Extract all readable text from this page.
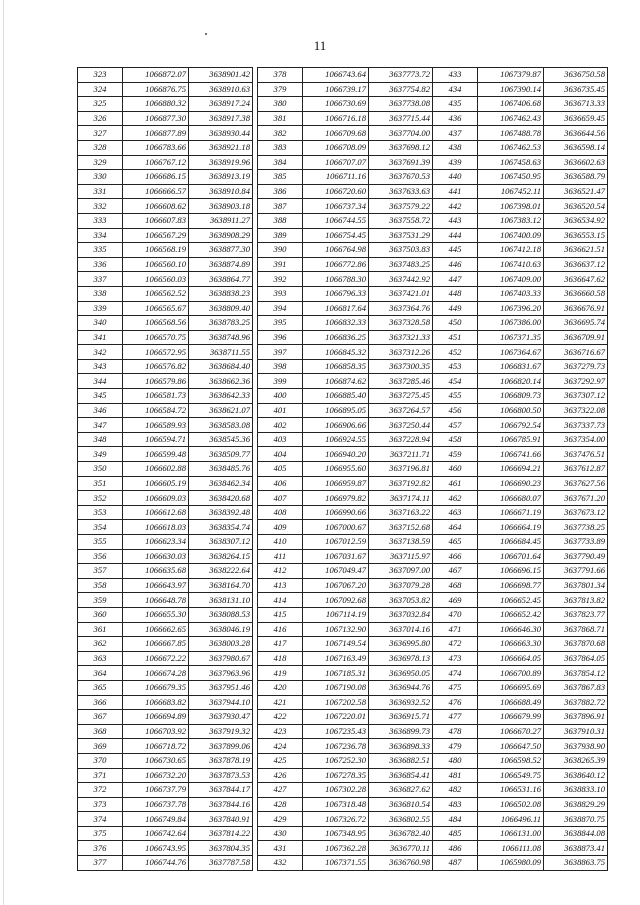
11
323	1066872.07	3638901.42
324	1066876.75	3638910.63
325	1066880.32	3638917.24
326	1066877.30	3638917.38
327	1066877.89	3638930.44
328	1066783.66	3638921.18
329	1066767.12	3638919.96
330	1066686.15	3638913.19
331	1066666.57	3638910.84
332	1066608.62	3638903.18
333	1066607.83	3638911.27
334	1066567.29	3638908.29
335	1066568.19	3638877.30
336	1066560.10	3638874.89
337	1066560.03	3638864.77
338	1066562.52	3638838.23
339	1066565.67	3638809.40
340	1066568.56	3638783.25
341	1066570.75	3638748.96
342	1066572.95	3638711.55
343	1066576.82	3638684.40
344	1066579.86	3638662.36
345	1066581.73	3638642.33
346	1066584.72	3638621.07
347	1066589.93	3638583.08
348	1066594.71	3638545.36
349	1066599.48	3638509.77
350	1066602.88	3638485.76
351	1066605.19	3638462.34
352	1066609.03	3638420.68
353	1066612.68	3638392.48
354	1066618.03	3638354.74
355	1066623.34	3638307.12
356	1066630.03	3638264.15
357	1066635.68	3638222.64
358	1066643.97	3638164.70
359	1066648.78	3638131.10
360	1066655.30	3638088.53
361	1066662.65	3638046.19
362	1066667.85	3638003.28
363	1066672.22	3637980.67
364	1066674.28	3637963.96
365	1066679.35	3637951.46
366	1066683.82	3637944.10
367	1066694.89	3637930.47
368	1066703.92	3637919.32
369	1066718.72	3637899.06
370	1066730.65	3637878.19
371	1066732.20	3637873.53
372	1066737.79	3637844.17
373	1066737.78	3637844.16
374	1066749.84	3637840.91
375	1066742.64	3637814.22
376	1066743.95	3637804.35
377	1066744.76	3637787.58
378	1066743.64	3637773.72
379	1066739.17	3637754.82
380	1066730.69	3637738.08
381	1066716.18	3637715.44
382	1066709.68	3637704.00
383	1066708.09	3637698.12
384	1066707.07	3637691.39
385	1066711.16	3637670.53
386	1066720.60	3637633.63
387	1066737.34	3637579.22
388	1066744.55	3637558.72
389	1066754.45	3637531.29
390	1066764.98	3637503.83
391	1066772.86	3637483.25
392	1066788.30	3637442.92
393	1066796.33	3637421.01
394	1066817.64	3637364.76
395	1066832.33	3637328.58
396	1066836.25	3637321.33
397	1066845.32	3637312.26
398	1066858.35	3637300.35
399	1066874.62	3637285.46
400	1066885.40	3637275.45
401	1066895.05	3637264.57
402	1066906.66	3637250.44
403	1066924.55	3637228.94
404	1066940.20	3637211.71
405	1066955.60	3637196.81
406	1066959.87	3637192.82
407	1066979.82	3637174.11
408	1066990.66	3637163.22
409	1067000.67	3637152.68
410	1067012.59	3637138.59
411	1067031.67	3637115.97
412	1067049.47	3637097.00
413	1067067.20	3637079.28
414	1067092.68	3637053.82
415	1067114.19	3637032.84
416	1067132.90	3637014.16
417	1067149.54	3636995.80
418	1067163.49	3636978.13
419	1067185.31	3636950.05
420	1067190.08	3636944.76
421	1067202.58	3636932.52
422	1067220.01	3636915.71
423	1067235.43	3636899.73
424	1067236.78	3636898.33
425	1067252.30	3636882.51
426	1067278.35	3636854.41
427	1067302.28	3636827.62
428	1067318.48	3636810.54
429	1067326.72	3636802.55
430	1067348.95	3636782.40
431	1067362.28	3636770.11
432	1067371.55	3636760.98
433	1067379.87	3636750.58
434	1067390.14	3636735.45
435	1067406.68	3636713.33
436	1067462.43	3636659.45
437	1067488.78	3636644.56
438	1067462.53	3636598.14
439	1067458.63	3636602.63
440	1067450.95	3636588.79
441	1067452.11	3636521.47
442	1067398.01	3636520.54
443	1067383.12	3636534.92
444	1067400.09	3636553.15
445	1067412.18	3636621.51
446	1067410.63	3636637.12
447	1067409.00	3636647.62
448	1067403.33	3636660.58
449	1067396.20	3636676.91
450	1067386.00	3636695.74
451	1067371.35	3636709.91
452	1067364.67	3636716.67
453	1066831.67	3637279.73
454	1066820.14	3637292.97
455	1066809.73	3637307.12
456	1066800.50	3637322.08
457	1066792.54	3637337.73
458	1066785.91	3637354.00
459	1066741.66	3637476.51
460	1066694.21	3637612.87
461	1066690.23	3637627.56
462	1066680.07	3637671.20
463	1066671.19	3637673.12
464	1066664.19	3637738.25
465	1066684.45	3637733.89
466	1066701.64	3637790.49
467	1066696.15	3637791.66
468	1066698.77	3637801.34
469	1066652.45	3637813.82
470	1066652.42	3637823.77
471	1066646.30	3637868.71
472	1066663.30	3637870.68
473	1066664.05	3637864.05
474	1066700.89	3637854.12
475	1066695.69	3637867.83
476	1066688.49	3637882.72
477	1066679.99	3637896.91
478	1066670.27	3637910.31
479	1066647.50	3637938.90
480	1066598.52	3638265.39
481	1066549.75	3638640.12
482	1066531.16	3638833.10
483	1066502.08	3638829.29
484	1066496.11	3638870.75
485	1066131.00	3638844.08
486	1066111.08	3638873.41
487	1065980.09	3638863.75
